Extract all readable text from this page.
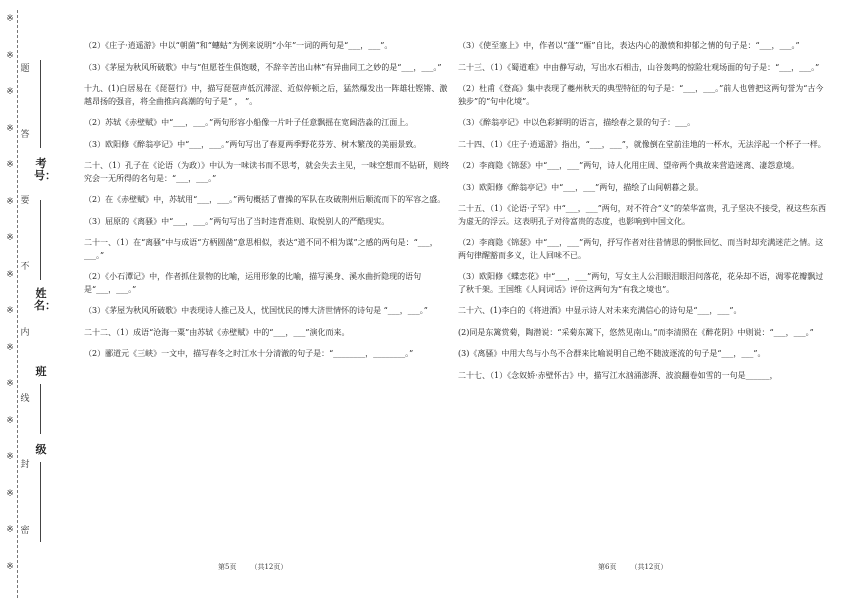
※
※
※
※
※
※
※
※
※
※
※
※
※
※
※
※
题
答
要
不
内
线
封
密
考号：
姓名：
班
级
（2）《庄子·逍遥游》中以“朝菌”和“蟪蛄”为例来说明“小年”一词的两句是“___，___”。
（3）《茅屋为秋风所破歌》中与“但愿苍生俱饱暖，不辞辛苦出山林”有异曲同工之妙的是“___，___。”
十九、(1)白居易在《琵琶行》中，描写琵琶声低沉滞涩、近似停顿之后，猛然爆发出一阵雄壮铿锵、激越昂扬的强音，将全曲推向高潮的句子是“ ， ”。
（2）苏轼《赤壁赋》中“___，___。”两句形容小船像一片叶子任意飘摇在宽阔浩淼的江面上。
（3）欧阳修《醉翁亭记》中“___，___。”两句写出了春夏两季野花芬芳、树木繁茂的美丽景致。
二十、（1）孔子在《论语（为政）》中认为一味读书而不思考，就会失去主见，一味空想而不钻研，则终究会一无所得的名句是：“___，___。”
（2）在《赤壁赋》中，苏轼用“___，___。”两句概括了曹操的军队在攻破荆州后顺流而下的军容之盛。
（3）屈原的《离骚》中“___，___。”两句写出了当时违背准则、取悦别人的严酷现实。
二十一、（1）在“离骚”中与成语“方柄圆凿”意思相似，表达“道不同不相为谋”之感的两句是：“___，___。”
（2）《小石潭记》中，作者抓住景物的比喻，运用形象的比喻，描写溪身、溪水曲折隐现的语句是“___，___。”
（3）《茅屋为秋风所破歌》中表现诗人推己及人，忧国忧民的博大济世情怀的诗句是 “___，___。”
二十二、（1）成语“沧海一粟”由苏轼《赤壁赋》中的“___，___”演化而来。
（2）郦道元《三峡》一文中，描写春冬之时江水十分清澈的句子是：“________，________。”
（3）《使至塞上》中，作者以“蓬”“雁”自比，表达内心的激愤和抑郁之情的句子是：“___，___。”
二十三、（1）《蜀道难》中由静写动，写出水石相击，山谷轰鸣的惊险壮观场面的句子是：“___，___。”
（2）杜甫《登高》集中表现了夔州秋天的典型特征的句子是：“___，___。”前人也曾把这两句誉为“古今独步”的“句中化境”。
（3）《醉翁亭记》中以色彩鲜明的语言，描绘春之景的句子：___。
二十四、（1）《庄子·逍遥游》指出，“___，___”，就像倒在堂前洼地的一杯水，无法浮起一个杯子一样。
（2）李商隐《锦瑟》中“___，___”两句，诗人化用庄周、望帝两个典故来营造迷离、凄怨意境。
（3）欧阳修《醉翁亭记》中“___，___”两句，描绘了山间朝暮之景。
二十五、（1）《论语·子罕》中“___，___”两句，对不符合“义”的荣华富贵，孔子坚决不接受，视这些东西为虚无的浮云。这表明孔子对待富贵的态度，也影响到中国文化。
（2）李商隐《锦瑟》中“___，___”两句，抒写作者对往昔情思的惘怅回忆、而当时却充满迷茫之情。这两句律醒豁而多义，让人回味不已。
（3）欧阳修《蝶恋花》中“___，___”两句，写女主人公泪眼泪眼泪问落花，花朵却不语，凋零花瓣飘过了秋千架。王国维《人间词话》评价这两句为“有我之境也”。
二十六、(1)李白的《将进酒》中显示诗人对未来充满信心的诗句是“___，___”。
(2)同是东篱赏菊，陶潜说：“采菊东篱下，悠然见南山。”而李清照在《醉花阴》中则说：“___，___。”
(3)《离骚》中用大鸟与小鸟不合群来比喻说明自己绝不随波逐流的句子是“___，___”。
二十七、（1）《念奴娇·赤壁怀古》中，描写江水汹涌澎湃、波浪翻卷如雪的一句是______，
第5页 （共12页）	第6页 （共12页）
